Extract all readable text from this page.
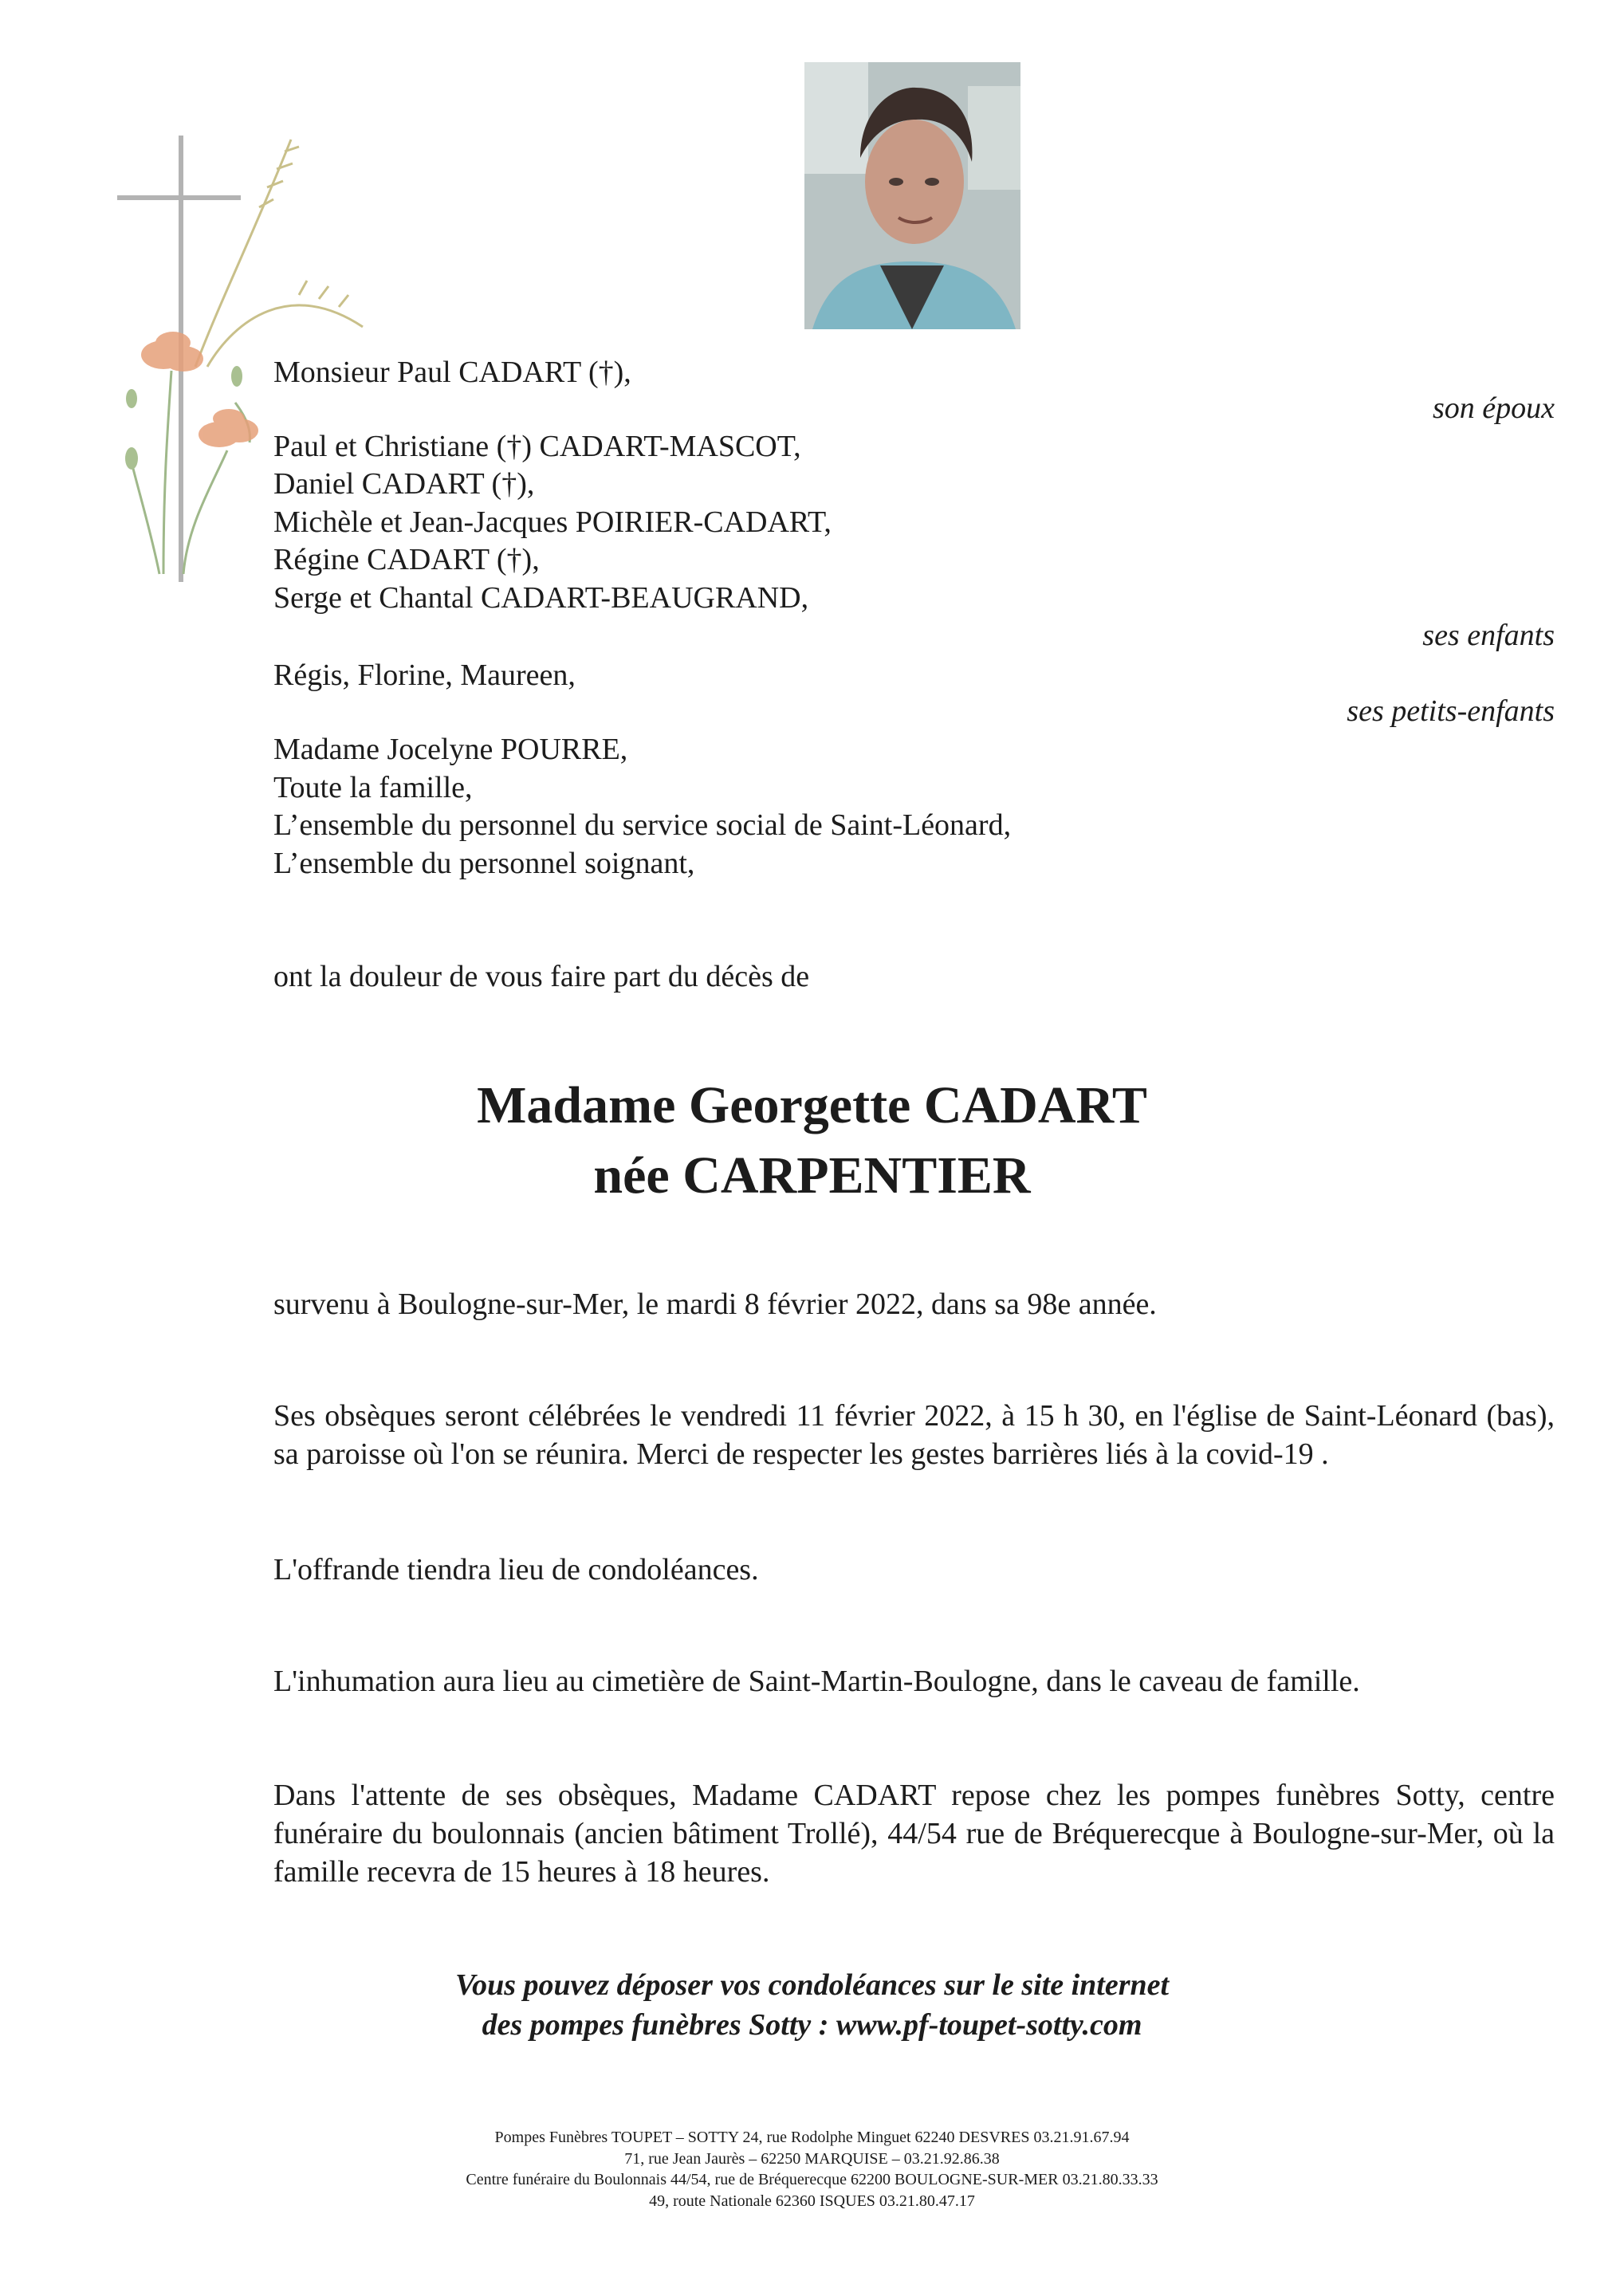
Monsieur Paul CADART (†),
Paul et Christiane (†) CADART-MASCOT,
Daniel CADART (†),
Michèle et Jean-Jacques POIRIER-CADART,
Régine CADART (†),
Serge et Chantal CADART-BEAUGRAND,
Régis, Florine, Maureen,
Madame Jocelyne POURRE,
Toute la famille,
L’ensemble du personnel du service social de Saint-Léonard,
L’ensemble du personnel soignant,
son époux
ses enfants
ses petits-enfants
ont la douleur de vous faire part du décès de
Madame Georgette CADART
née CARPENTIER
survenu à Boulogne-sur-Mer, le mardi 8 février 2022, dans sa 98e année.
Ses obsèques seront célébrées le vendredi 11 février 2022, à 15 h 30, en l'église de Saint-Léonard (bas), sa paroisse où l'on se réunira. Merci de respecter les gestes barrières liés à la covid-19 .
L'offrande tiendra lieu de condoléances.
L'inhumation aura lieu au cimetière de Saint-Martin-Boulogne, dans le caveau de famille.
Dans l'attente de ses obsèques, Madame CADART repose chez les pompes funèbres Sotty, centre funéraire du boulonnais (ancien bâtiment Trollé), 44/54 rue de Bréquerecque à Boulogne-sur-Mer, où la famille recevra de 15 heures à 18 heures.
Vous pouvez déposer vos condoléances sur le site internet
des pompes funèbres Sotty : www.pf-toupet-sotty.com
Pompes Funèbres TOUPET – SOTTY 24, rue Rodolphe Minguet 62240 DESVRES 03.21.91.67.94
71, rue Jean Jaurès – 62250 MARQUISE – 03.21.92.86.38
Centre funéraire du Boulonnais 44/54, rue de Bréquerecque 62200 BOULOGNE-SUR-MER 03.21.80.33.33
49, route Nationale 62360 ISQUES 03.21.80.47.17
